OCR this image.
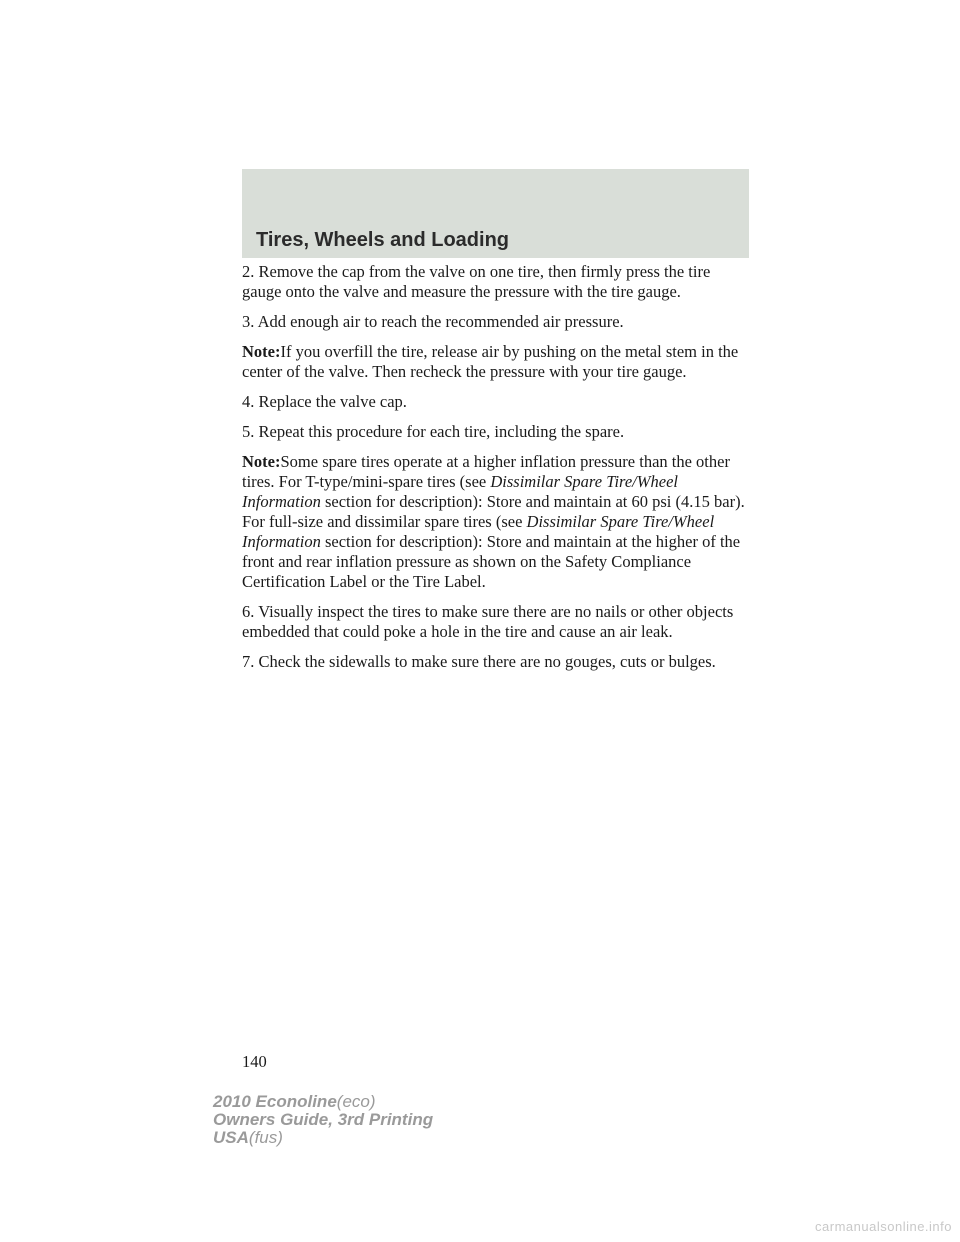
Tires, Wheels and Loading

2. Remove the cap from the valve on one tire, then firmly press the tire gauge onto the valve and measure the pressure with the tire gauge.

3. Add enough air to reach the recommended air pressure.

Note:If you overfill the tire, release air by pushing on the metal stem in the center of the valve. Then recheck the pressure with your tire gauge.

4. Replace the valve cap.

5. Repeat this procedure for each tire, including the spare.

Note:Some spare tires operate at a higher inflation pressure than the other tires. For T-type/mini-spare tires (see Dissimilar Spare Tire/Wheel Information section for description): Store and maintain at 60 psi (4.15 bar). For full-size and dissimilar spare tires (see Dissimilar Spare Tire/Wheel Information section for description): Store and maintain at the higher of the front and rear inflation pressure as shown on the Safety Compliance Certification Label or the Tire Label.

6. Visually inspect the tires to make sure there are no nails or other objects embedded that could poke a hole in the tire and cause an air leak.

7. Check the sidewalls to make sure there are no gouges, cuts or bulges.

140
2010 Econoline(eco)
Owners Guide, 3rd Printing
USA(fus)
carmanualsonline.info
